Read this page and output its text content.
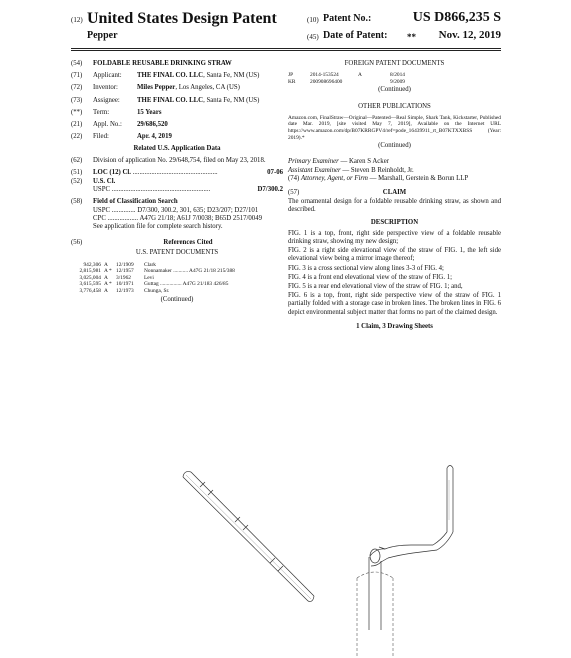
(12) United States Design Patent
Pepper
(10) Patent No.:	US D866,235 S
(45) Date of Patent: ** Nov. 12, 2019
(54)	FOLDABLE REUSABLE DRINKING STRAW
(71)	Applicant:	THE FINAL CO. LLC, Santa Fe, NM (US)
(72)	Inventor:	Miles Pepper, Los Angeles, CA (US)
(73)	Assignee:	THE FINAL CO. LLC, Santa Fe, NM (US)
(**)	Term:	15 Years
(21)	Appl. No.:	29/686,520
(22)	Filed:	Apr. 4, 2019
Related U.S. Application Data
(62)	Division of application No. 29/648,754, filed on May 23, 2018.
(51)	LOC (12) Cl. ..................................................	07-06
(52)	U.S. Cl.
USPC ..........................................................	D7/300.2
(58)	Field of Classification Search
USPC .............. D7/300, 300.2, 301, 635; D23/207; D27/101
CPC .................. A47G 21/18; A61J 7/0038; B65D 2517/0049
See application file for complete search history.
(56)	References Cited
U.S. PATENT DOCUMENTS
942,306 A	12/1909	Clark
2,815,981 A * 12/1957	Nonnamaker ........... A47G 21/18 215/388
3,025,004 A	3/1962	Levi
3,615,595 A * 10/1971	Guttag ................ A47G 21/183 426/85
3,776,458 A	12/1973	Chunga, Sr.
(Continued)
FOREIGN PATENT DOCUMENTS
JP	2014-153524	A	8/2014
KR	200908696400	9/2009
(Continued)
OTHER PUBLICATIONS
Amazon.com, FinalStraw—Original—Patented—Real Simple, Shark Tank, Kickstarter, Published date Mar. 2019, [site visited May 7, 2019], Available on the Internet URL https://www.amazon.com/dp/B07KRRGPV4/ref=pode_16439911_rt_B07KTXXBSS (Year: 2019).*
(Continued)
Primary Examiner — Karen S Acker
Assistant Examiner — Steven B Reinholdt, Jr.
(74) Attorney, Agent, or Firm — Marshall, Gerstein & Borun LLP
(57)	CLAIM
The ornamental design for a foldable reusable drinking straw, as shown and described.
DESCRIPTION
FIG. 1 is a top, front, right side perspective view of a foldable reusable drinking straw, showing my new design;
FIG. 2 is a right side elevational view of the straw of FIG. 1, the left side elevational view being a mirror image thereof;
FIG. 3 is a cross sectional view along lines 3-3 of FIG. 4;
FIG. 4 is a front end elevational view of the straw of FIG. 1;
FIG. 5 is a rear end elevational view of the straw of FIG. 1; and,
FIG. 6 is a top, front, right side perspective view of the straw of FIG. 1 partially folded with a storage case in broken lines. The broken lines in FIG. 6 depict environmental subject matter that forms no part of the claimed design.
1 Claim, 3 Drawing Sheets
